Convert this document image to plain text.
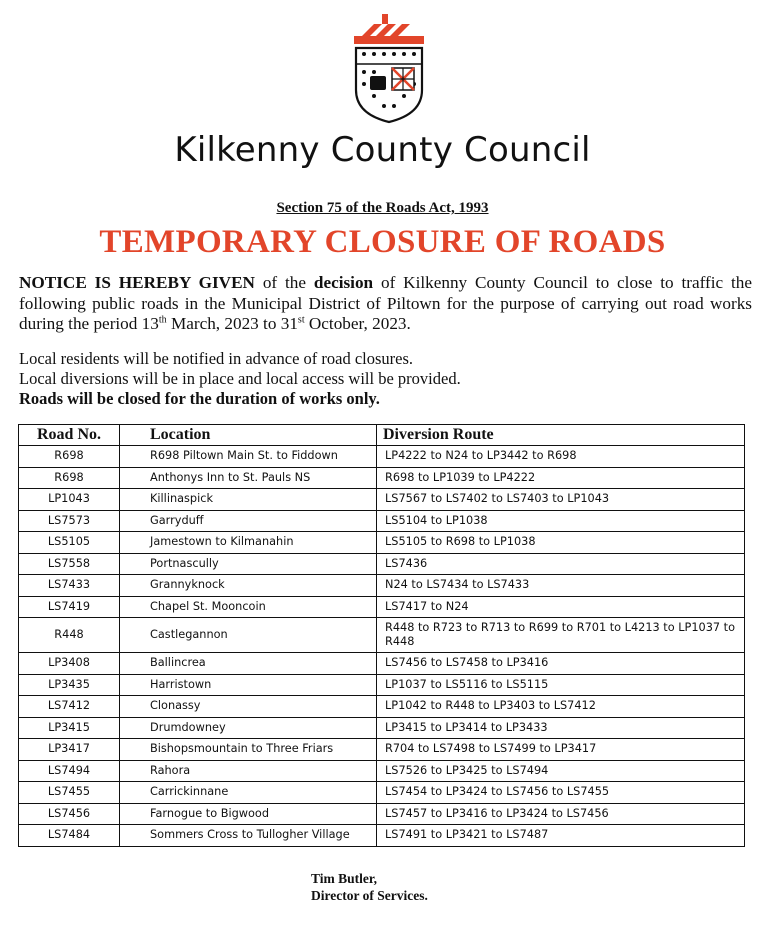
Kilkenny County Council
Section 75 of the Roads Act, 1993
TEMPORARY CLOSURE OF ROADS
NOTICE IS HEREBY GIVEN of the decision of Kilkenny County Council to close to traffic the following public roads in the Municipal District of Piltown for the purpose of carrying out road works during the period 13th March, 2023 to 31st October, 2023.
Local residents will be notified in advance of road closures.
Local diversions will be in place and local access will be provided.
Roads will be closed for the duration of works only.
Road No.	Location	Diversion Route
R698	R698 Piltown Main St. to Fiddown	LP4222 to N24 to LP3442 to R698
R698	Anthonys Inn to St. Pauls NS	R698 to LP1039 to LP4222
LP1043	Killinaspick	LS7567 to LS7402 to LS7403 to LP1043
LS7573	Garryduff	LS5104 to LP1038
LS5105	Jamestown to Kilmanahin	LS5105 to R698 to LP1038
LS7558	Portnascully	LS7436
LS7433	Grannyknock	N24 to LS7434 to LS7433
LS7419	Chapel St. Mooncoin	LS7417 to N24
R448	Castlegannon	R448 to R723 to R713 to R699 to R701 to L4213 to LP1037 to R448
LP3408	Ballincrea	LS7456 to LS7458 to LP3416
LP3435	Harristown	LP1037 to LS5116 to LS5115
LS7412	Clonassy	LP1042 to R448 to LP3403 to LS7412
LP3415	Drumdowney	LP3415 to LP3414 to LP3433
LP3417	Bishopsmountain to Three Friars	R704 to LS7498 to LS7499 to LP3417
LS7494	Rahora	LS7526 to LP3425 to LS7494
LS7455	Carrickinnane	LS7454 to LP3424 to LS7456 to LS7455
LS7456	Farnogue to Bigwood	LS7457 to LP3416 to LP3424 to LS7456
LS7484	Sommers Cross to Tullogher Village	LS7491 to LP3421 to LS7487
Tim Butler,
Director of Services.
